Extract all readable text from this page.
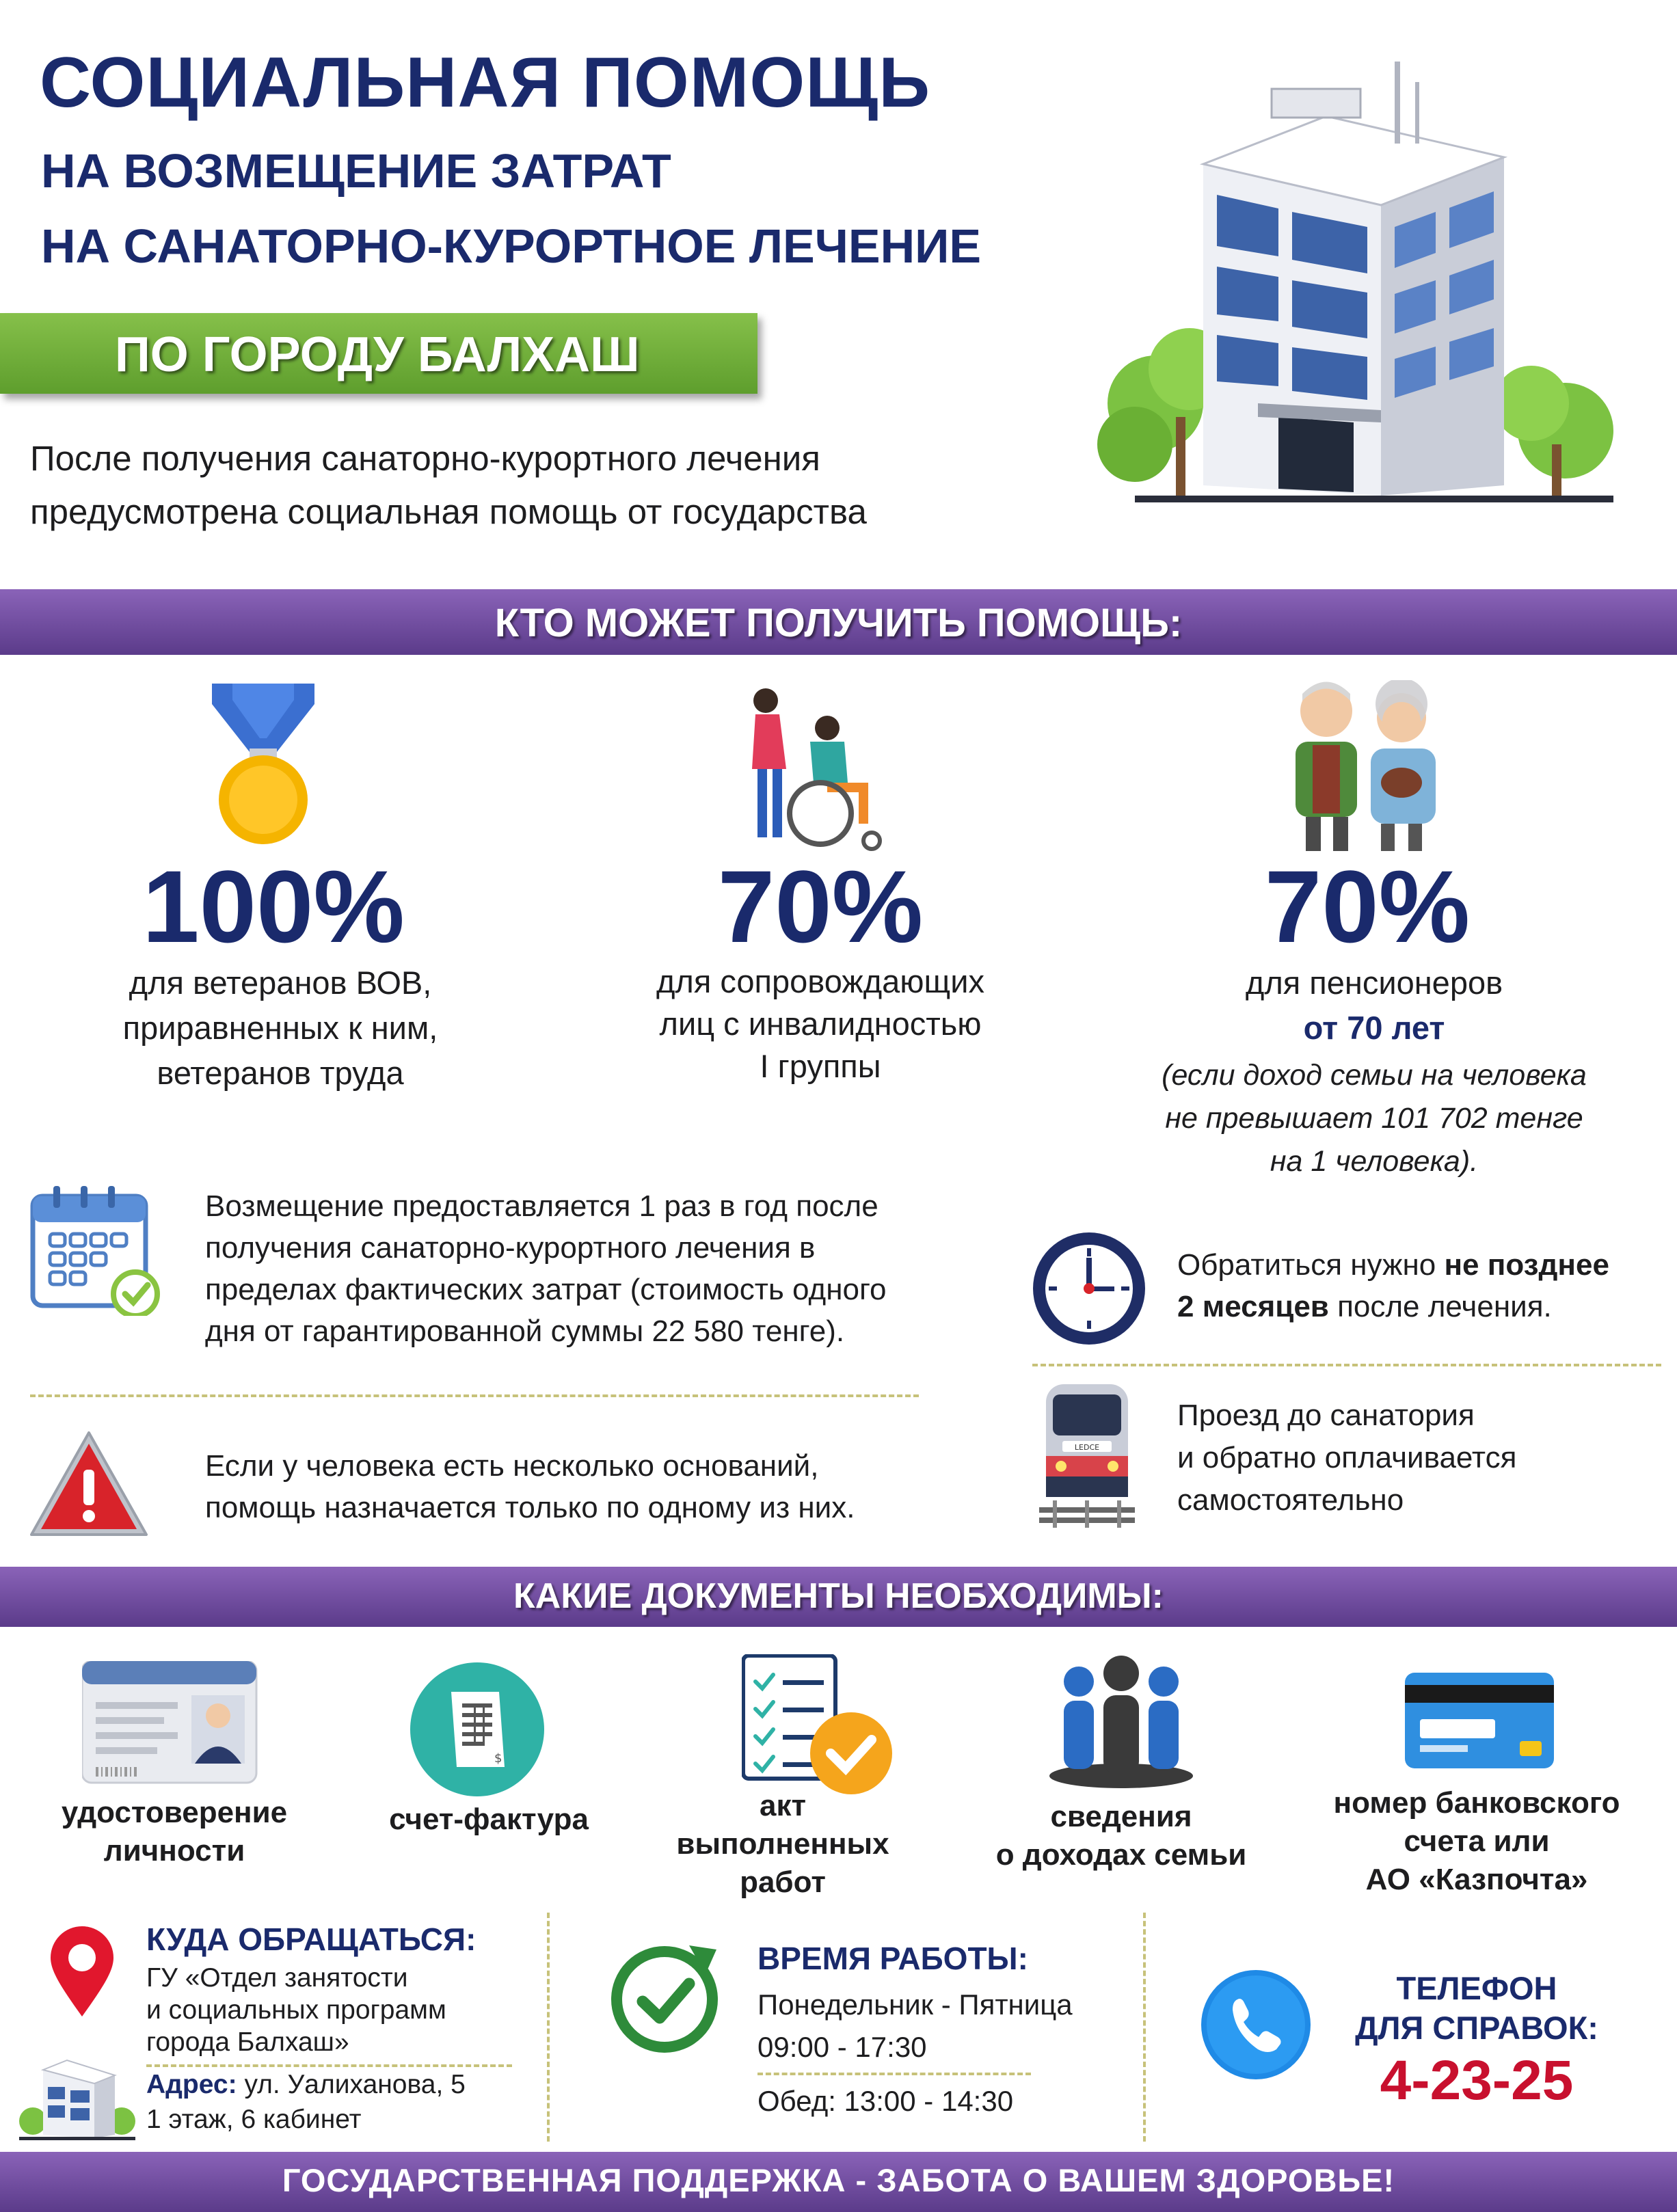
СОЦИАЛЬНАЯ ПОМОЩЬ
НА ВОЗМЕЩЕНИЕ ЗАТРАТ
НА САНАТОРНО-КУРОРТНОЕ ЛЕЧЕНИЕ
ПО ГОРОДУ БАЛХАШ
После получения санаторно-курортного лечения
предусмотрена социальная помощь от государства
КТО МОЖЕТ ПОЛУЧИТЬ ПОМОЩЬ:
100%
для ветеранов ВОВ,
приравненных к ним,
ветеранов труда
70%
для сопровождающих
лиц с инвалидностью
I группы
70%
для пенсионеров
от 70 лет
(если доход семьи на человека
не превышает 101 702 тенге
на 1 человека).
Возмещение предоставляется 1 раз в год после
получения санаторно-курортного лечения в
пределах фактических затрат (стоимость одного
дня от гарантированной суммы 22 580 тенге).
Если у человека есть несколько оснований,
помощь назначается только по одному из них.
Обратиться нужно не позднее
2 месяцев после лечения.
LEDCE
Проезд до санатория
и обратно оплачивается
самостоятельно
КАКИЕ ДОКУМЕНТЫ НЕОБХОДИМЫ:
удостоверение
личности
$
счет-фактура	акт
выполненных
работ
сведения
о доходах семьи
номер банковского
счета или
АО «Казпочта»
КУДА ОБРАЩАТЬСЯ:
ГУ «Отдел занятости
и социальных программ
города Балхаш»
Адрес: ул. Уалиханова, 5
1 этаж, 6 кабинет
ВРЕМЯ РАБОТЫ:
Понедельник - Пятница
09:00 - 17:30
Обед: 13:00 - 14:30
ТЕЛЕФОН
ДЛЯ СПРАВОК:
4-23-25
ГОСУДАРСТВЕННАЯ ПОДДЕРЖКА - ЗАБОТА О ВАШЕМ ЗДОРОВЬЕ!
